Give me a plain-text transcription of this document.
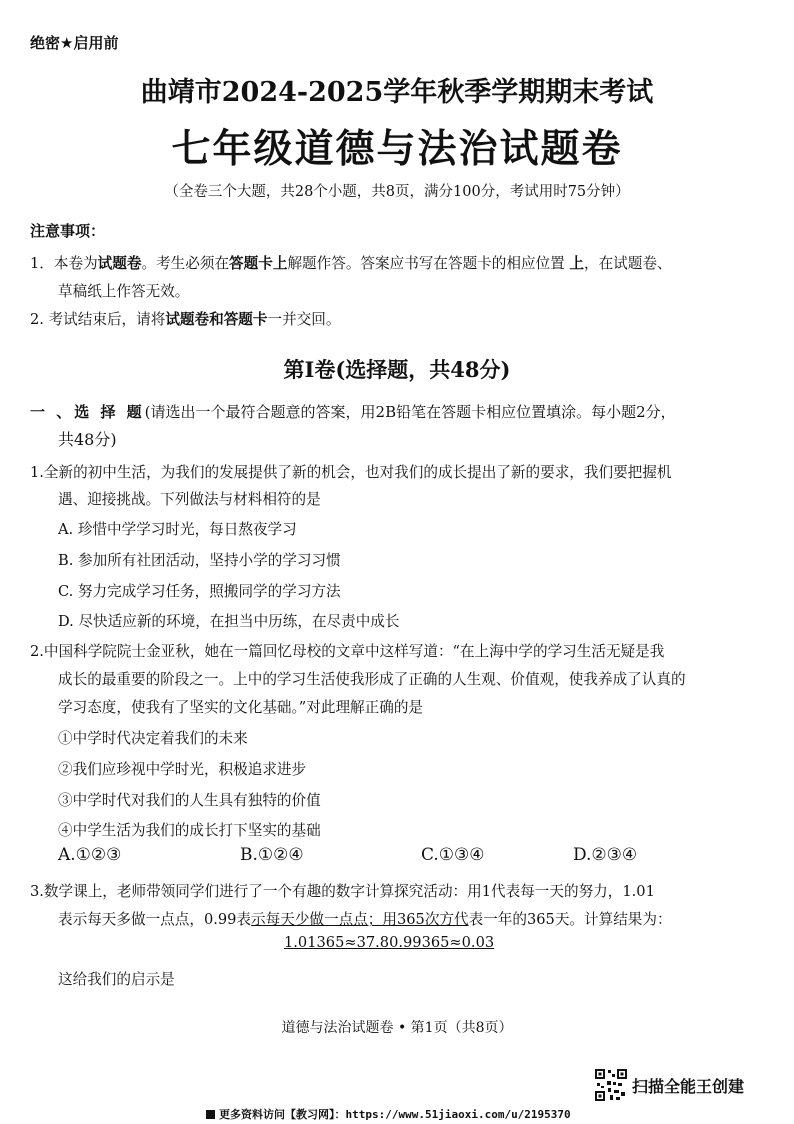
绝密★启用前
曲靖市2024-2025学年秋季学期期末考试
七年级道德与法治试题卷
（全卷三个大题，共28个小题，共8页，满分100分，考试用时75分钟）
注意事项：
1．本卷为试题卷。考生必须在答题卡上解题作答。答案应书写在答题卡的相应位置 上，在试题卷、
草稿纸上作答无效。
2. 考试结束后，请将试题卷和答题卡一并交回。
第I卷(选择题，共48分)
一 、选 择 题(请选出一个最符合题意的答案，用2B铅笔在答题卡相应位置填涂。每小题2分，
共48分)
1.全新的初中生活，为我们的发展提供了新的机会，也对我们的成长提出了新的要求，我们要把握机
遇、迎接挑战。下列做法与材料相符的是
A. 珍惜中学学习时光，每日熬夜学习
B. 参加所有社团活动，坚持小学的学习习惯
C. 努力完成学习任务，照搬同学的学习方法
D. 尽快适应新的环境，在担当中历练，在尽责中成长
2.中国科学院院士金亚秋，她在一篇回忆母校的文章中这样写道：“在上海中学的学习生活无疑是我
成长的最重要的阶段之一。上中的学习生活使我形成了正确的人生观、价值观，使我养成了认真的
学习态度，使我有了坚实的文化基础。”对此理解正确的是
①中学时代决定着我们的未来
②我们应珍视中学时光，积极追求进步
③中学时代对我们的人生具有独特的价值
④中学生活为我们的成长打下坚实的基础
A.①②③	B.①②④	C.①③④	D.②③④
3.数学课上，老师带领同学们进行了一个有趣的数字计算探究活动：用1代表每一天的努力，1.01
表示每天多做一点点，0.99表示每天少做一点点；用365次方代表一年的365天。计算结果为：
1.01365≈37.80.99365≈0.03
这给我们的启示是
道德与法治试题卷 • 第1页（共8页）
扫描全能王创建
更多资料访问【教习网】：https://www.51jiaoxi.com/u/2195370
